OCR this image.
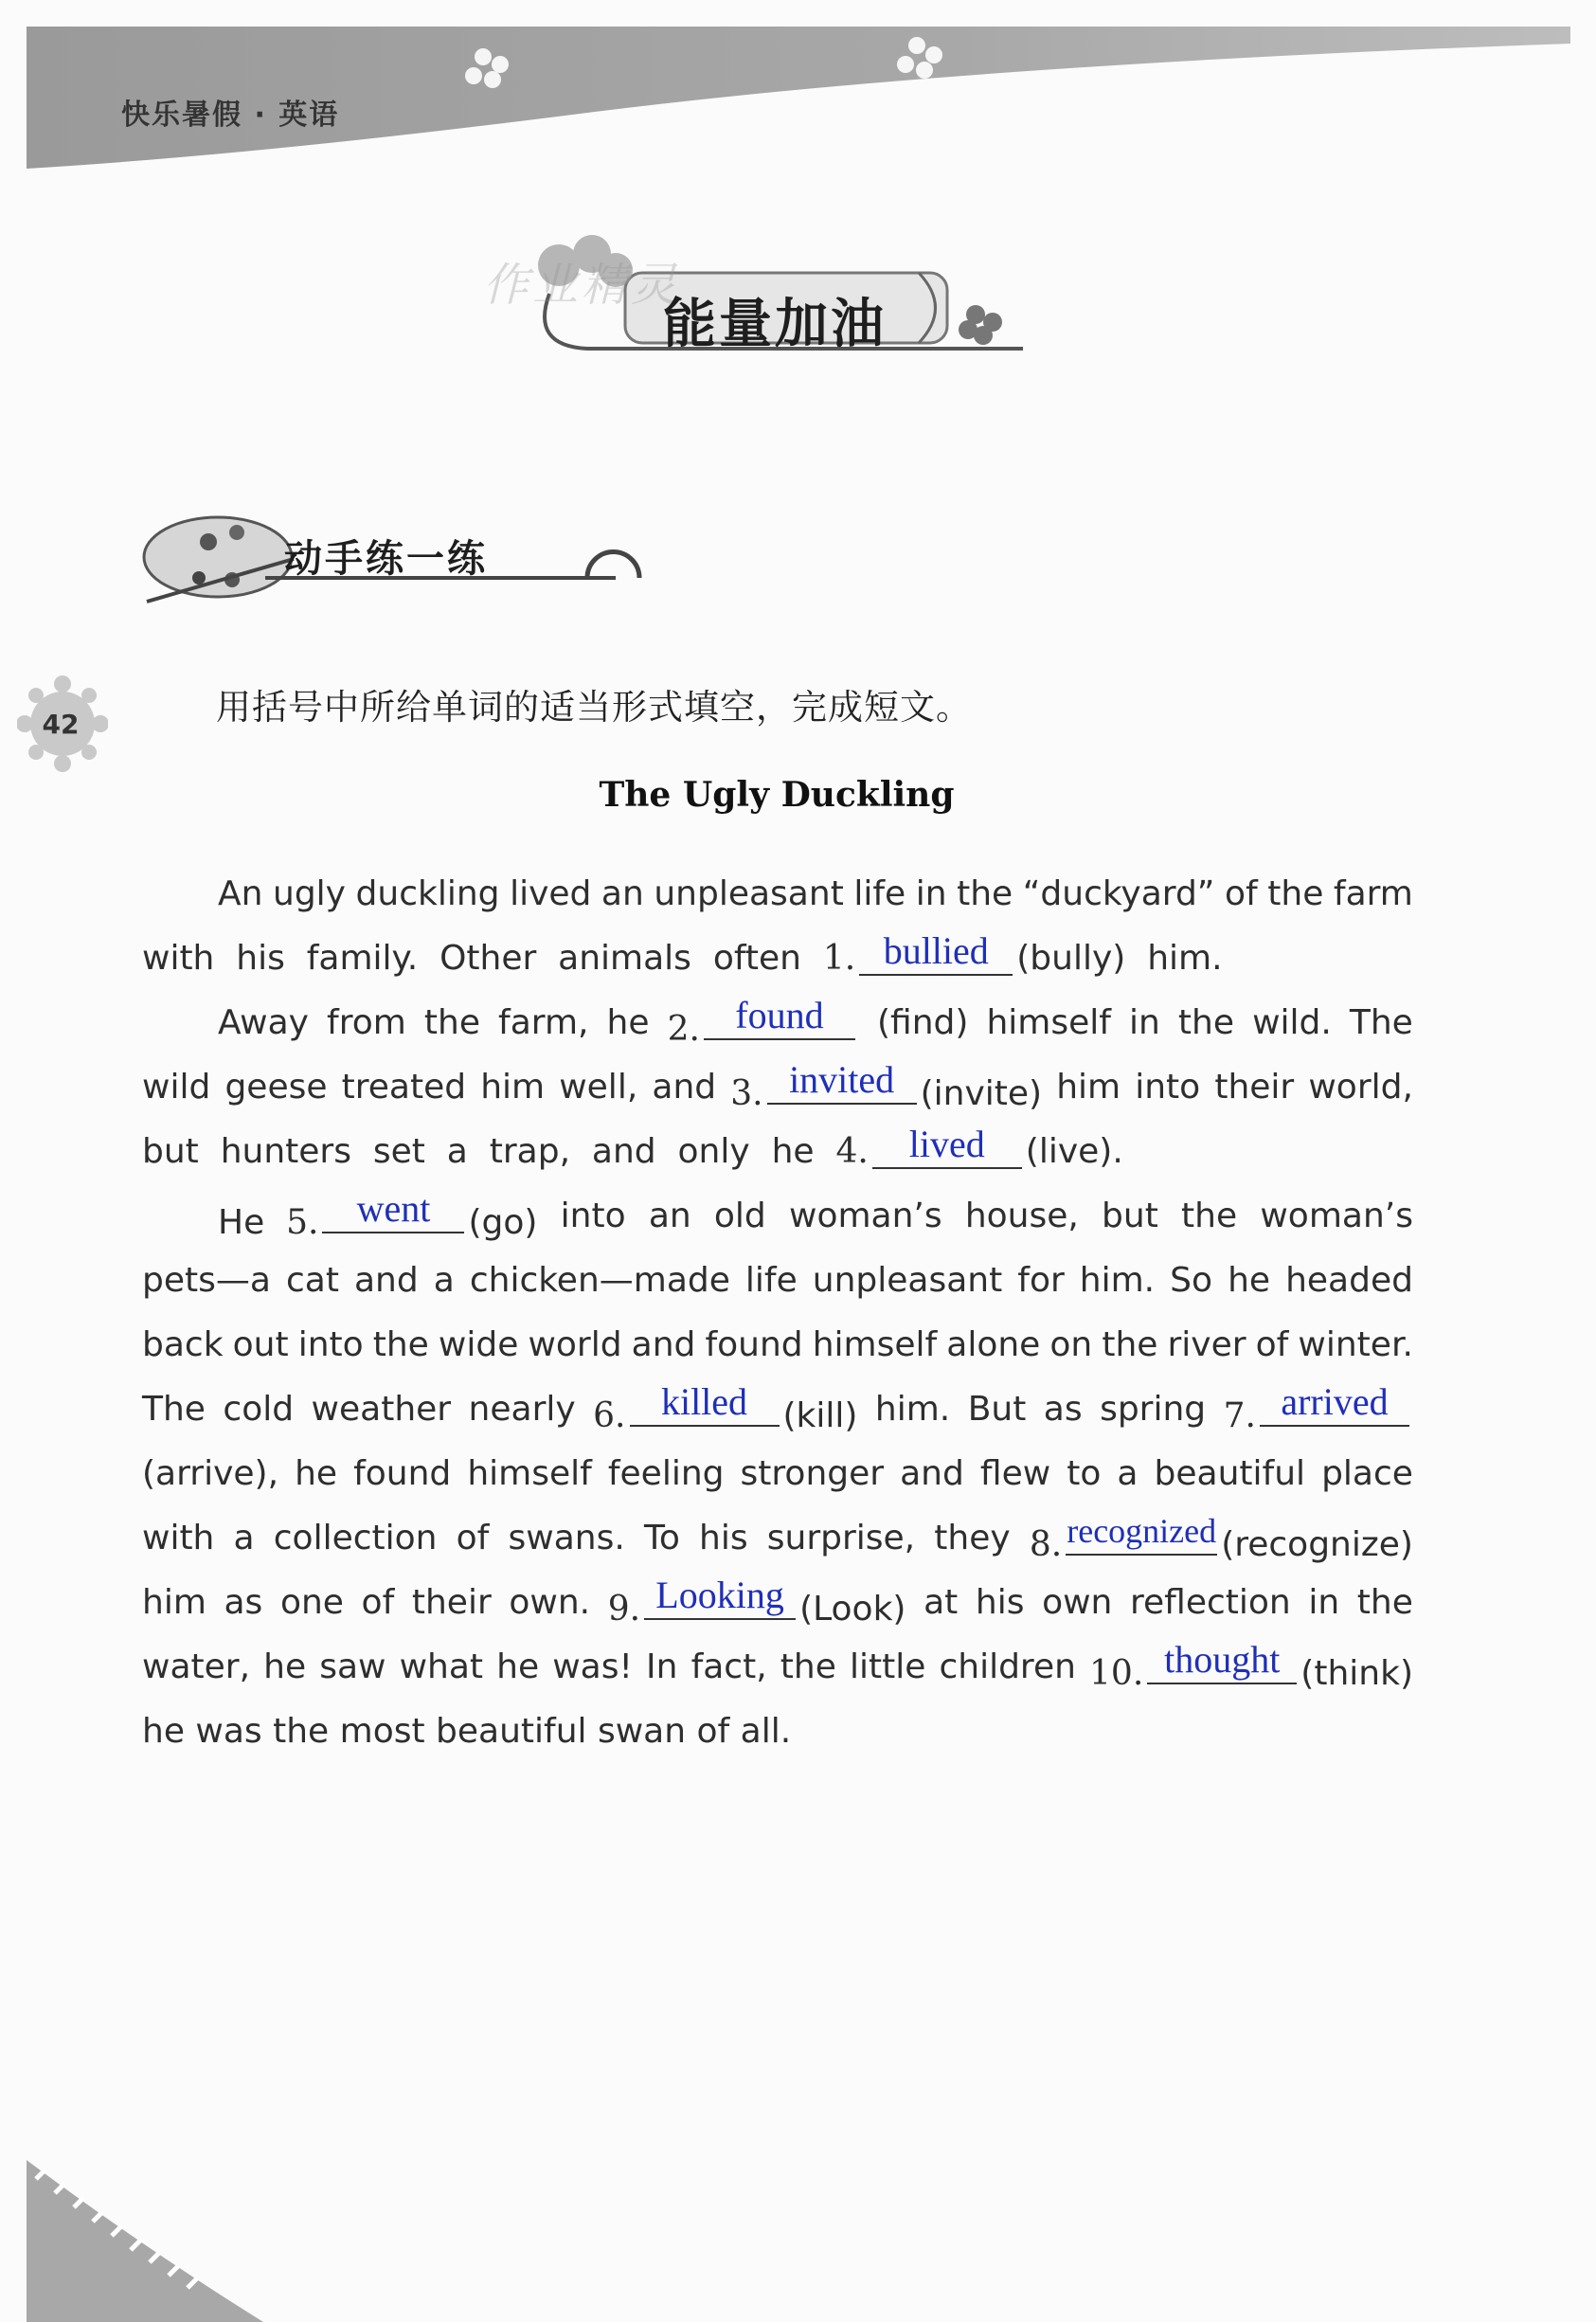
快乐暑假 · 英语
作业精灵
能量加油
动手练一练
42	用括号中所给单词的适当形式填空，完成短文。
The Ugly Duckling
An ugly duckling lived an unpleasant life in the “duckyard” of the farm
with
his
family.
Other
animals
often
1. bullied (bully)
him.
Away from the farm, he 2. found	(find) himself in the wild. The
wild geese treated him well, and 3. invited (invite) him into their world,
but
hunters
set
a
trap,
and
only
he
4.	lived	(live).
He 5.	went	(go) into an old woman’s house, but the woman’s
pets—a cat and a chicken—made life unpleasant for him. So he headed
back out into the wide world and found himself alone on the river of winter.
The cold weather nearly 6. killed	(kill) him. But as spring 7. arrived
(arrive), he found himself feeling stronger and flew to a beautiful place
with a collection of swans. To his surprise, they 8. recognized (recognize)
him as one of their own. 9. Looking (Look) at his own reflection in the
water, he saw what he was! In fact, the little children 10. thought (think)
he was the most beautiful swan of all.
